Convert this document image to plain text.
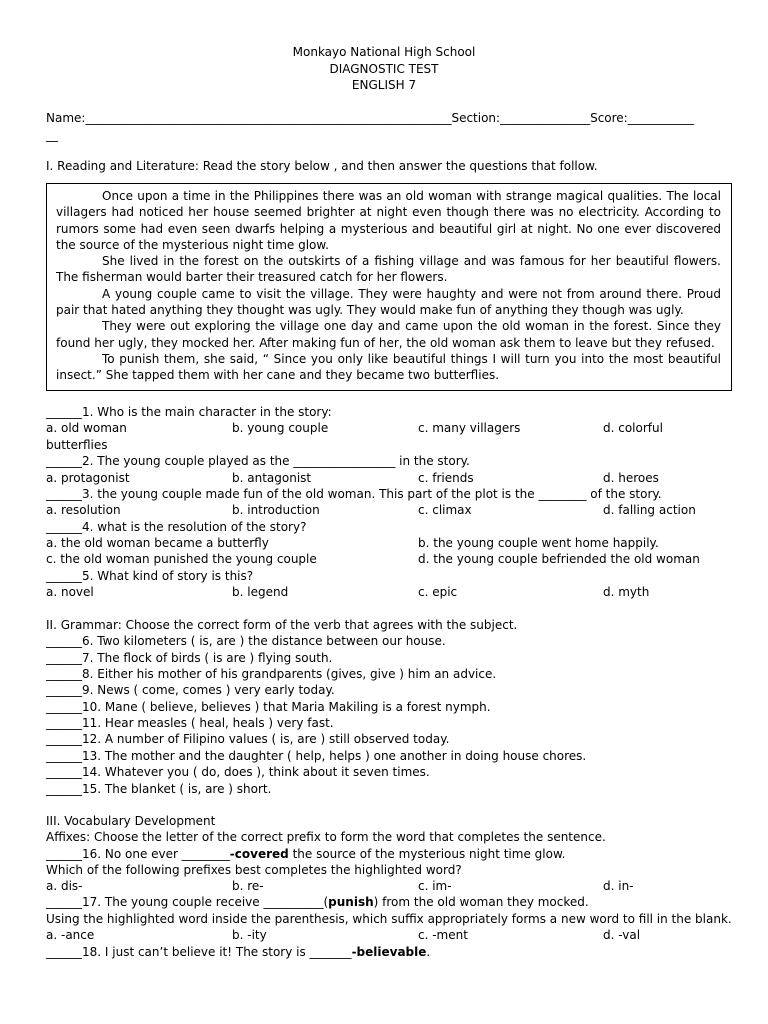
Monkayo National High School
DIAGNOSTIC TEST
ENGLISH 7
Name:_____________________________________________________________Section:_______________Score:___________
__
I. Reading and Literature: Read the story below , and then answer the questions that follow.

Once upon a time in the Philippines there was an old woman with strange magical qualities. The local villagers had noticed her house seemed brighter at night even though there was no electricity. According to rumors some had even seen dwarfs helping a mysterious and beautiful girl at night. No one ever discovered the source of the mysterious night time glow.

She lived in the forest on the outskirts of a fishing village and was famous for her beautiful flowers. The fisherman would barter their treasured catch for her flowers.

A young couple came to visit the village. They were haughty and were not from around there. Proud pair that hated anything they thought was ugly. They would make fun of anything they though was ugly.

They were out exploring the village one day and came upon the old woman in the forest. Since they found her ugly, they mocked her. After making fun of her, the old woman ask them to leave but they refused.

To punish them, she said, “ Since you only like beautiful things I will turn you into the most beautiful insect.” She tapped them with her cane and they became two butterflies.

______1. Who is the main character in the story:
a. old woman	b. young couple	c. many villagers	d. colorful
butterflies
______2. The young couple played as the _________________ in the story.
a. protagonist	b. antagonist	c. friends	d. heroes
______3. the young couple made fun of the old woman. This part of the plot is the ________ of the story.
a. resolution	b. introduction	c. climax	d. falling action
______4. what is the resolution of the story?
a. the old woman became a butterfly	b. the young couple went home happily.
c. the old woman punished the young couple	d. the young couple befriended the old woman
______5. What kind of story is this?
a. novel	b. legend	c. epic	d. myth
II. Grammar: Choose the correct form of the verb that agrees with the subject.
______6. Two kilometers ( is, are ) the distance between our house.
______7. The flock of birds ( is are ) flying south.
______8. Either his mother of his grandparents (gives, give ) him an advice.
______9. News ( come, comes ) very early today.
______10. Mane ( believe, believes ) that Maria Makiling is a forest nymph.
______11. Hear measles ( heal, heals ) very fast.
______12. A number of Filipino values ( is, are ) still observed today.
______13. The mother and the daughter ( help, helps ) one another in doing house chores.
______14. Whatever you ( do, does ), think about it seven times.
______15. The blanket ( is, are ) short.
III. Vocabulary Development
Affixes: Choose the letter of the correct prefix to form the word that completes the sentence.
______16. No one ever ________-covered the source of the mysterious night time glow.
Which of the following prefixes best completes the highlighted word?
a. dis-	b. re-	c. im-	d. in-
______17. The young couple receive __________(punish) from the old woman they mocked.
Using the highlighted word inside the parenthesis, which suffix appropriately forms a new word to fill in the blank.
a. -ance	b. -ity	c. -ment	d. -val
______18. I just can’t believe it! The story is _______-believable.
